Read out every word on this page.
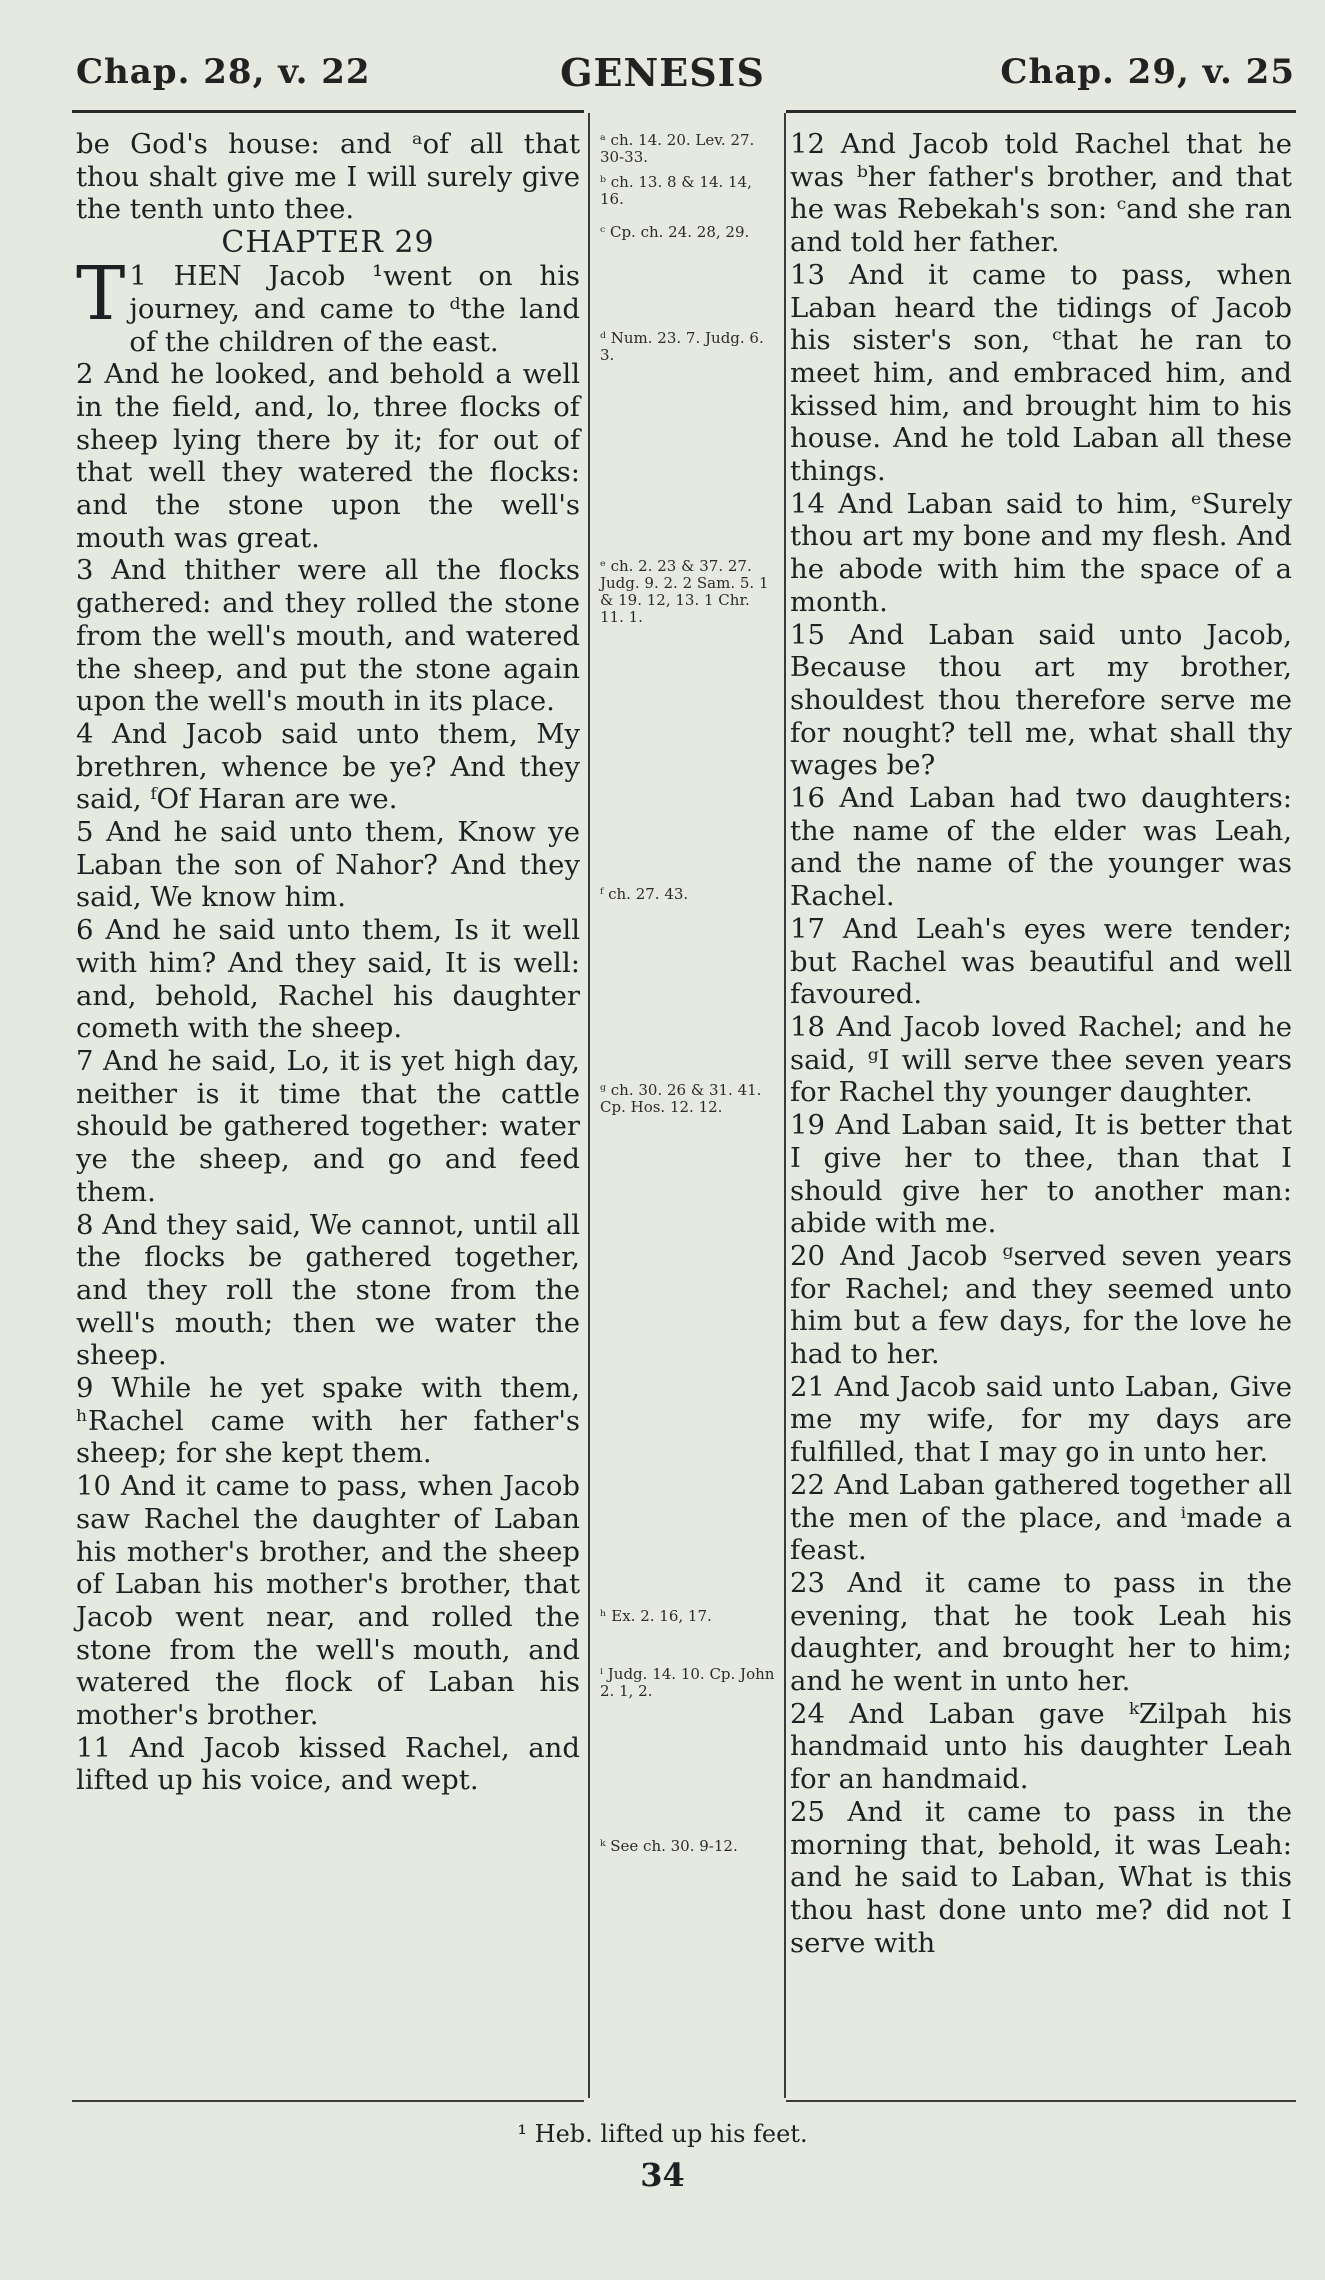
Chap. 28, v. 22	GENESIS	Chap. 29, v. 25

be God's house: and ᵃof all that thou shalt give me I will surely give the tenth unto thee.

CHAPTER 29

1
T HEN Jacob ¹went on his journey, and came to ᵈthe land of the children of the east.

2 And he looked, and behold a well in the field, and, lo, three flocks of sheep lying there by it; for out of that well they watered the flocks: and the stone upon the well's mouth was great.

3 And thither were all the flocks gathered: and they rolled the stone from the well's mouth, and watered the sheep, and put the stone again upon the well's mouth in its place.

4 And Jacob said unto them, My brethren, whence be ye? And they said, ᶠOf Haran are we.

5 And he said unto them, Know ye Laban the son of Nahor? And they said, We know him.

6 And he said unto them, Is it well with him? And they said, It is well: and, behold, Rachel his daughter cometh with the sheep.

7 And he said, Lo, it is yet high day, neither is it time that the cattle should be gathered together: water ye the sheep, and go and feed them.

8 And they said, We cannot, until all the flocks be gathered together, and they roll the stone from the well's mouth; then we water the sheep.

9 While he yet spake with them, ʰRachel came with her father's sheep; for she kept them.

10 And it came to pass, when Jacob saw Rachel the daughter of Laban his mother's brother, and the sheep of Laban his mother's brother, that Jacob went near, and rolled the stone from the well's mouth, and watered the flock of Laban his mother's brother.

11 And Jacob kissed Rachel, and lifted up his voice, and wept.

ᵃ ch. 14. 20. Lev. 27. 30-33.
ᵇ ch. 13. 8 & 14. 14, 16.
ᶜ Cp. ch. 24. 28, 29.
ᵈ Num. 23. 7. Judg. 6. 3.
ᵉ ch. 2. 23 & 37. 27. Judg. 9. 2. 2 Sam. 5. 1 & 19. 12, 13. 1 Chr. 11. 1.
ᶠ ch. 27. 43.
ᵍ ch. 30. 26 & 31. 41. Cp. Hos. 12. 12.
ʰ Ex. 2. 16, 17.
ⁱ Judg. 14. 10. Cp. John 2. 1, 2.
ᵏ See ch. 30. 9-12.

12 And Jacob told Rachel that he was ᵇher father's brother, and that he was Rebekah's son: ᶜand she ran and told her father.

13 And it came to pass, when Laban heard the tidings of Jacob his sister's son, ᶜthat he ran to meet him, and embraced him, and kissed him, and brought him to his house. And he told Laban all these things.

14 And Laban said to him, ᵉSurely thou art my bone and my flesh. And he abode with him the space of a month.

15 And Laban said unto Jacob, Because thou art my brother, shouldest thou therefore serve me for nought? tell me, what shall thy wages be?

16 And Laban had two daughters: the name of the elder was Leah, and the name of the younger was Rachel.

17 And Leah's eyes were tender; but Rachel was beautiful and well favoured.

18 And Jacob loved Rachel; and he said, ᵍI will serve thee seven years for Rachel thy younger daughter.

19 And Laban said, It is better that I give her to thee, than that I should give her to another man: abide with me.

20 And Jacob ᵍserved seven years for Rachel; and they seemed unto him but a few days, for the love he had to her.

21 And Jacob said unto Laban, Give me my wife, for my days are fulfilled, that I may go in unto her.

22 And Laban gathered together all the men of the place, and ⁱmade a feast.

23 And it came to pass in the evening, that he took Leah his daughter, and brought her to him; and he went in unto her.

24 And Laban gave ᵏZilpah his handmaid unto his daughter Leah for an handmaid.

25 And it came to pass in the morning that, behold, it was Leah: and he said to Laban, What is this thou hast done unto me? did not I serve with

¹ Heb. lifted up his feet.
34
